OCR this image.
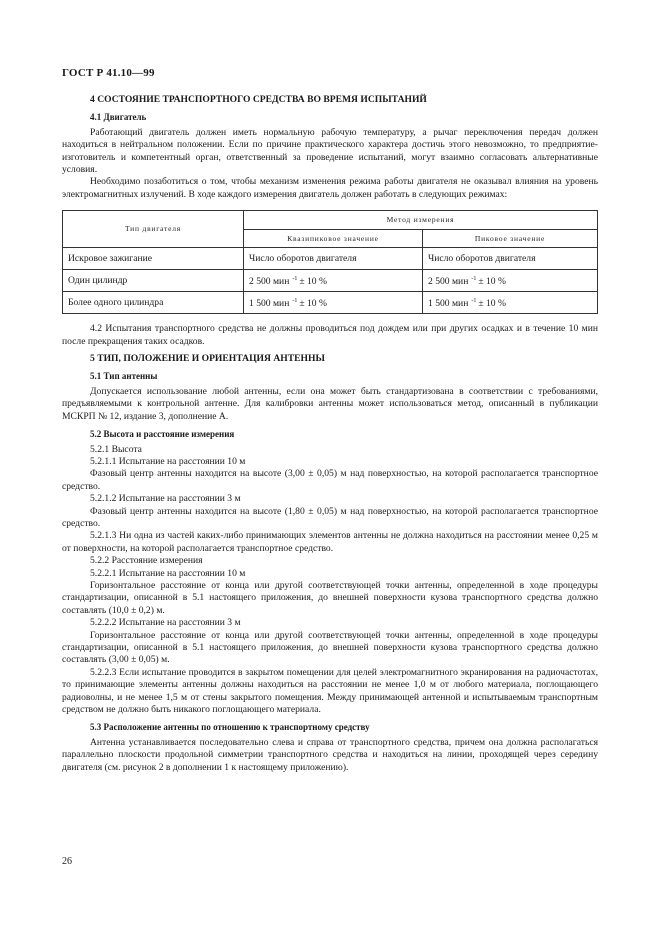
ГОСТ Р 41.10—99
4 СОСТОЯНИЕ ТРАНСПОРТНОГО СРЕДСТВА ВО ВРЕМЯ ИСПЫТАНИЙ
4.1 Двигатель

Работающий двигатель должен иметь нормальную рабочую температуру, а рычаг переключения передач должен находиться в нейтральном положении. Если по причине практического характера достичь этого невозможно, то предприятие-изготовитель и компетентный орган, ответственный за проведение испытаний, могут взаимно согласовать альтернативные условия.

Необходимо позаботиться о том, чтобы механизм изменения режима работы двигателя не оказывал влияния на уровень электромагнитных излучений. В ходе каждого измерения двигатель должен работать в следующих режимах:

Тип двигателя	Метод измерения	
	Квазипиковое значение	Пиковое значение
Искровое зажигание	Число оборотов двигателя	Число оборотов двигателя
Один цилиндр	2 500 мин $^{-1}$ ± 10 %	2 500 мин $^{-1}$ ± 10 %
Более одного цилиндра	1 500 мин $^{-1}$ ± 10 %	1 500 мин $^{-1}$ ± 10 %

4.2 Испытания транспортного средства не должны проводиться под дождем или при других осадках и в течение 10 мин после прекращения таких осадков.

5 ТИП, ПОЛОЖЕНИЕ И ОРИЕНТАЦИЯ АНТЕННЫ
5.1 Тип антенны

Допускается использование любой антенны, если она может быть стандартизована в соответствии с требованиями, предъявляемыми к контрольной антенне. Для калибровки антенны может использоваться метод, описанный в публикации МСКРП № 12, издание 3, дополнение А.

5.2 Высота и расстояние измерения

5.2.1 Высота

5.2.1.1 Испытание на расстоянии 10 м

Фазовый центр антенны находится на высоте (3,00 ± 0,05) м над поверхностью, на которой располагается транспортное средство.

5.2.1.2 Испытание на расстоянии 3 м

Фазовый центр антенны находится на высоте (1,80 ± 0,05) м над поверхностью, на которой располагается транспортное средство.

5.2.1.3 Ни одна из частей каких-либо принимающих элементов антенны не должна находиться на расстоянии менее 0,25 м от поверхности, на которой располагается транспортное средство.

5.2.2 Расстояние измерения

5.2.2.1 Испытание на расстоянии 10 м

Горизонтальное расстояние от конца или другой соответствующей точки антенны, определенной в ходе процедуры стандартизации, описанной в 5.1 настоящего приложения, до внешней поверхности кузова транспортного средства должно составлять (10,0 ± 0,2) м.

5.2.2.2 Испытание на расстоянии 3 м

Горизонтальное расстояние от конца или другой соответствующей точки антенны, определенной в ходе процедуры стандартизации, описанной в 5.1 настоящего приложения, до внешней поверхности кузова транспортного средства должно составлять (3,00 ± 0,05) м.

5.2.2.3 Если испытание проводится в закрытом помещении для целей электромагнитного экранирования на радиочастотах, то принимающие элементы антенны должны находиться на расстоянии не менее 1,0 м от любого материала, поглощающего радиоволны, и не менее 1,5 м от стены закрытого помещения. Между принимающей антенной и испытываемым транспортным средством не должно быть никакого поглощающего материала.

5.3 Расположение антенны по отношению к транспортному средству

Антенна устанавливается последовательно слева и справа от транспортного средства, причем она должна располагаться параллельно плоскости продольной симметрии транспортного средства и находиться на линии, проходящей через середину двигателя (см. рисунок 2 в дополнении 1 к настоящему приложению).

26
